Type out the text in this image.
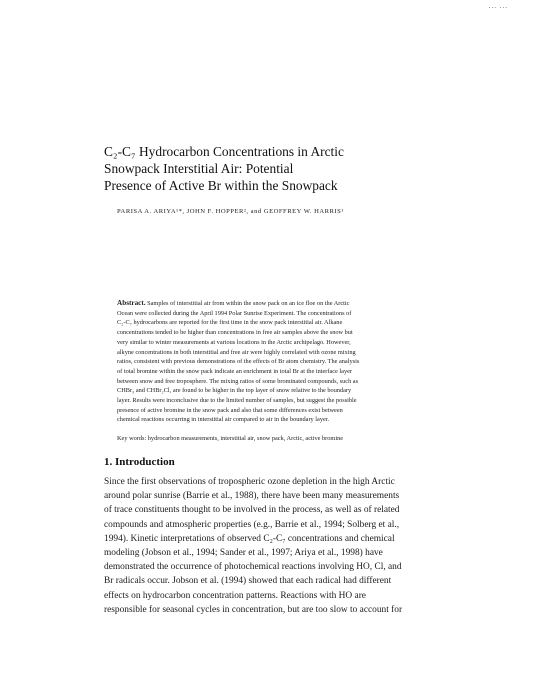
... ...
C₂-C₇ Hydrocarbon Concentrations in Arctic
Snowpack Interstitial Air: Potential
Presence of Active Br within the Snowpack
PARISA A. ARIYA¹*, JOHN F. HOPPER², and GEOFFREY W. HARRIS¹
Abstract. Samples of interstitial air from within the snow pack on an ice floe on the Arctic
Ocean were collected during the April 1994 Polar Sunrise Experiment. The concentrations of
C₂-C₇ hydrocarbons are reported for the first time in the snow pack interstitial air. Alkane
concentrations tended to be higher than concentrations in free air samples above the snow but
very similar to winter measurements at various locations in the Arctic archipelago. However,
alkyne concentrations in both interstitial and free air were highly correlated with ozone mixing
ratios, consistent with previous demonstrations of the effects of Br atom chemistry. The analysis
of total bromine within the snow pack indicate an enrichment in total Br at the interface layer
between snow and free troposphere. The mixing ratios of some brominated compounds, such as
CHBr₃ and CHBr₂Cl, are found to be higher in the top layer of snow relative to the boundary
layer. Results were inconclusive due to the limited number of samples, but suggest the possible
presence of active bromine in the snow pack and also that some differences exist between
chemical reactions occurring in interstitial air compared to air in the boundary layer.
Key words: hydrocarbon measurements, interstitial air, snow pack, Arctic, active bromine
1. Introduction
Since the first observations of tropospheric ozone depletion in the high Arctic
around polar sunrise (Barrie et al., 1988), there have been many measurements
of trace constituents thought to be involved in the process, as well as of related
compounds and atmospheric properties (e.g., Barrie et al., 1994; Solberg et al.,
1994). Kinetic interpretations of observed C₂-C₇ concentrations and chemical
modeling (Jobson et al., 1994; Sander et al., 1997; Ariya et al., 1998) have
demonstrated the occurrence of photochemical reactions involving HO, Cl, and
Br radicals occur. Jobson et al. (1994) showed that each radical had different
effects on hydrocarbon concentration patterns. Reactions with HO are
responsible for seasonal cycles in concentration, but are too slow to account for
